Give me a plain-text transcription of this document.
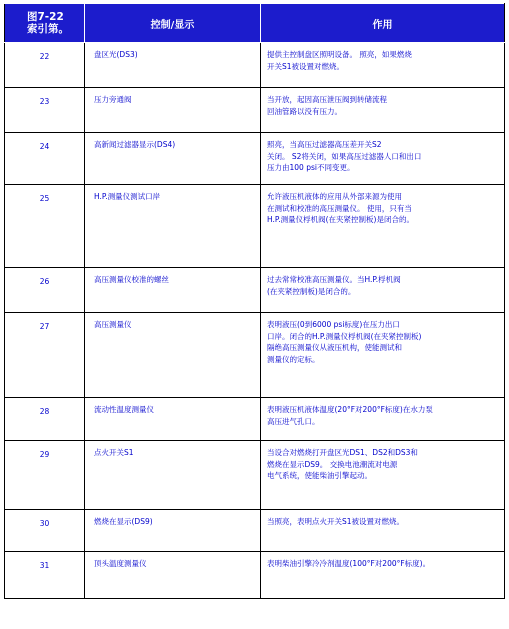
图7-22
索引第。	控制/显示	作用
22	盘区光(DS3)	提供主控制盘区照明设备。 照亮，如果燃烧
开关S1被设置对燃烧。

23	压力旁通阀	当开放，起因高压泄压阀到转储流程
回油管路以没有压力。

24	高新闻过滤器显示(DS4)	照亮，当高压过滤器高压差开关S2
关闭。 S2将关闭，如果高压过滤器人口和出口
压力由100 psi不同变更。

25	H.P.测量仪测试口岸	允许液压机液体的应用从外部来源为使用
在测试和校准的高压测量仪。 使用，只有当
H.P.测量仪桴机阀(在夹紧控制板)是闭合的。

26	高压测量仪校准的螺丝	过去常常校准高压测量仪。当H.P.桴机阀
(在夹紧控制板)是闭合的。

27	高压测量仪	表明液压(0到6000 psi标度)在压力出口
口岸。闭合的H.P.测量仪桴机阀(在夹紧控制板)
隔绝高压测量仪从液压机构，使能测试和
测量仪的定标。

28	流动性温度测量仪	表明液压机液体温度(20°F对200°F标度)在水力泵
高压进气孔口。

29	点火开关S1	当设合对燃烧打开盘区光DS1、DS2和DS3和
燃烧在显示DS9。 交换电池潮流对电源
电气系统，使能柴油引擎起动。

30	燃烧在显示(DS9)	当照亮，表明点火开关S1被设置对燃烧。

31	顶头温度测量仪	表明柴油引擎冷冷剂温度(100°F对200°F标度)。
